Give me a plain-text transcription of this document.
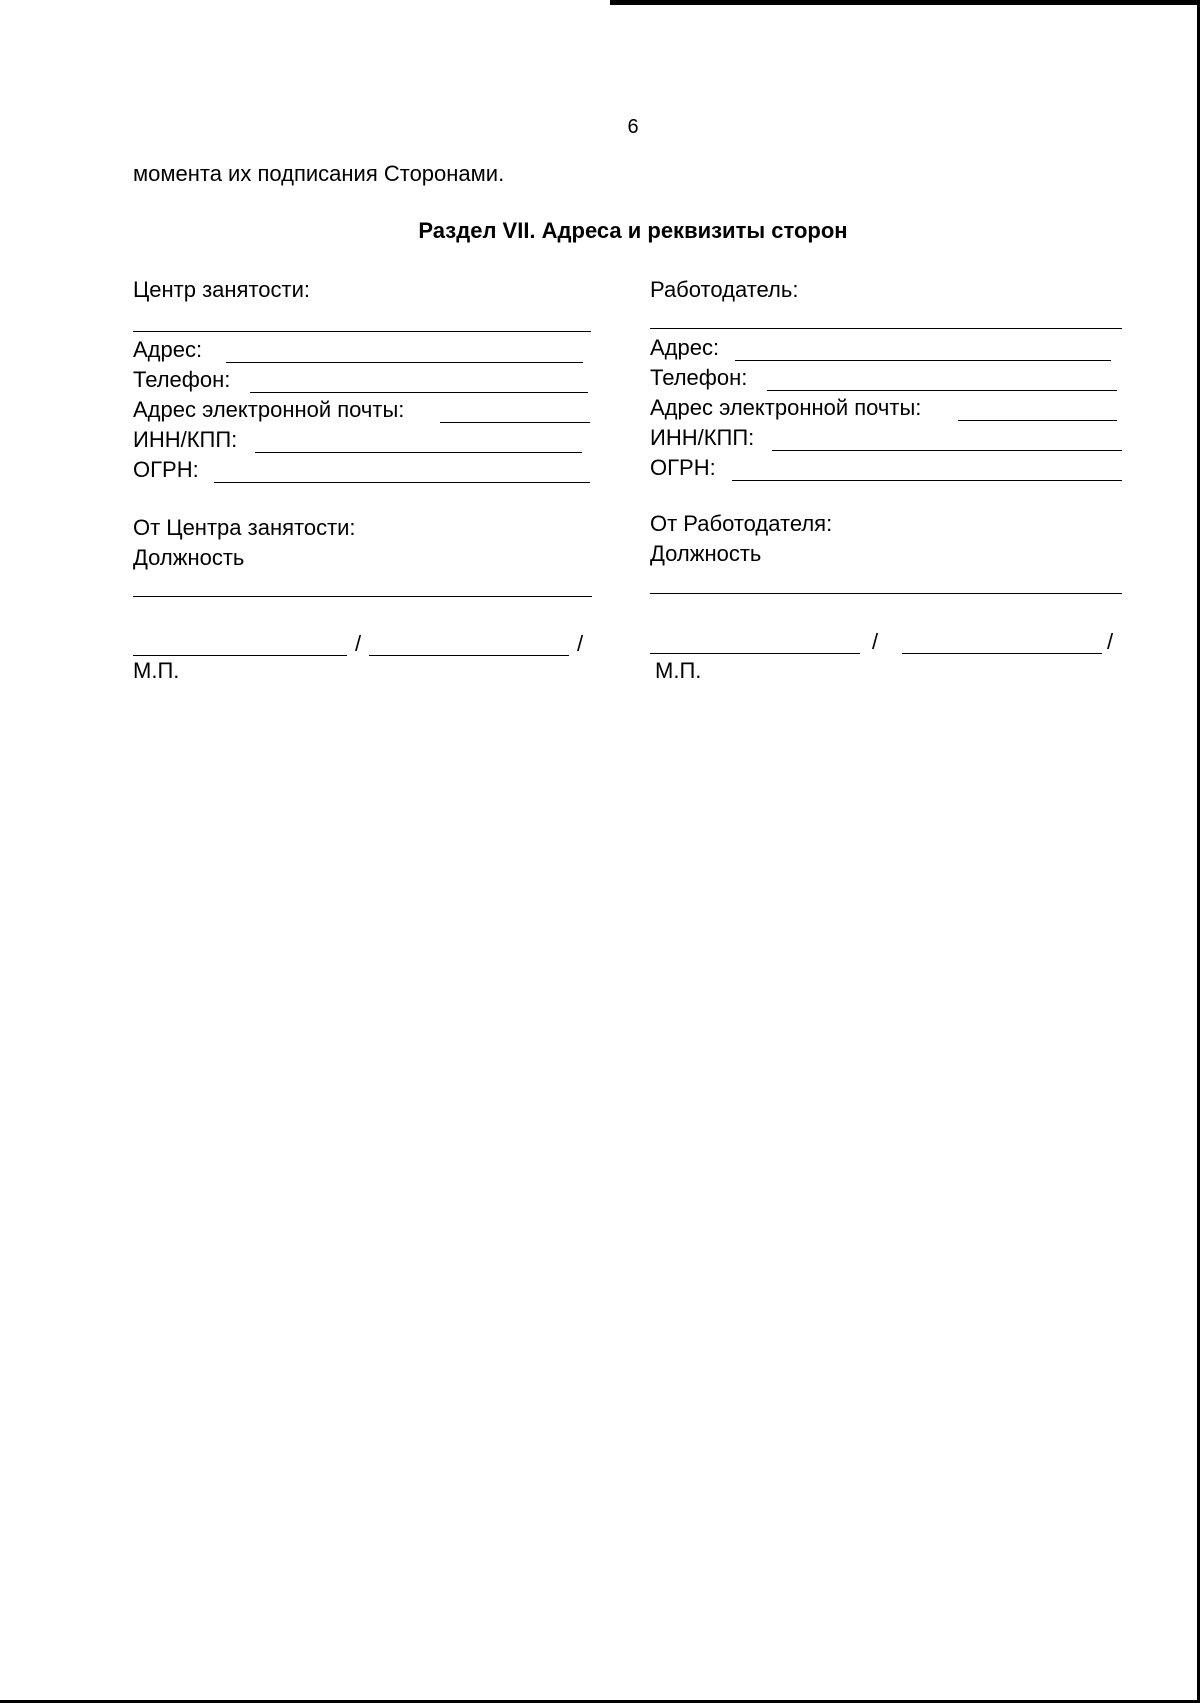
6
момента их подписания Сторонами.
Раздел VII. Адреса и реквизиты сторон
Центр занятости:
Адрес:
Телефон:
Адрес электронной почты:
ИНН/КПП:
ОГРН:
От Центра занятости:
Должность
/	/
М.П.
Работодатель:
Адрес:
Телефон:
Адрес электронной почты:
ИНН/КПП:
ОГРН:
От Работодателя:
Должность
/	/
М.П.
